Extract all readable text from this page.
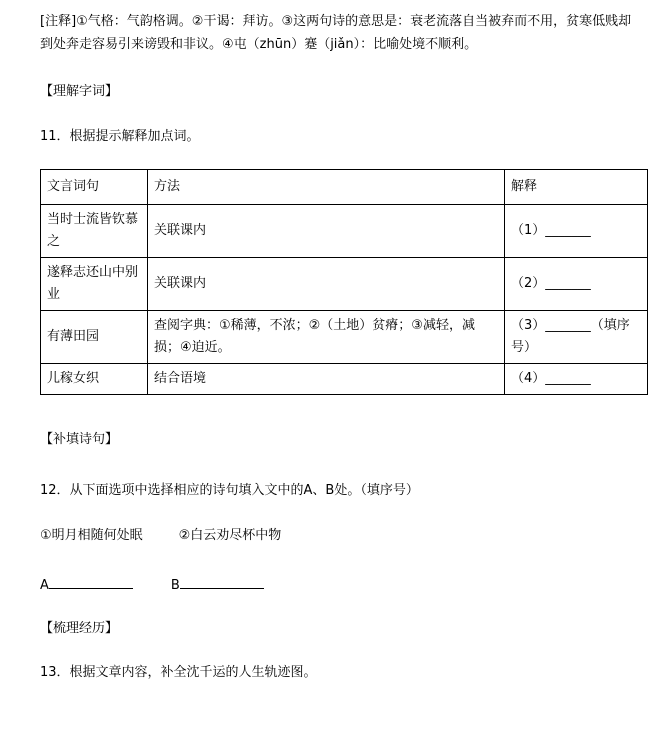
[注释]①气格：气韵格调。②干谒：拜访。③这两句诗的意思是：衰老流落自当被弃而不用，贫寒低贱却
到处奔走容易引来谤毁和非议。④屯（zhūn）蹇（jiǎn）：比喻处境不顺利。
【理解字词】
11．根据提示解释加点词。
文言词句	方法	解释
当时士流皆钦慕之	关联课内	（1）_______
遂释志还山中别业	关联课内	（2）_______
有薄田园	查阅字典：①稀薄，不浓；②（土地）贫瘠；③减轻，减损；④迫近。	（3）_______（填序号）
儿稼女织	结合语境	（4）_______
【补填诗句】
12．从下面选项中选择相应的诗句填入文中的A、B处。（填序号）
①明月相随何处眠	②白云劝尽杯中物
A	B
【梳理经历】
13．根据文章内容，补全沈千运的人生轨迹图。
